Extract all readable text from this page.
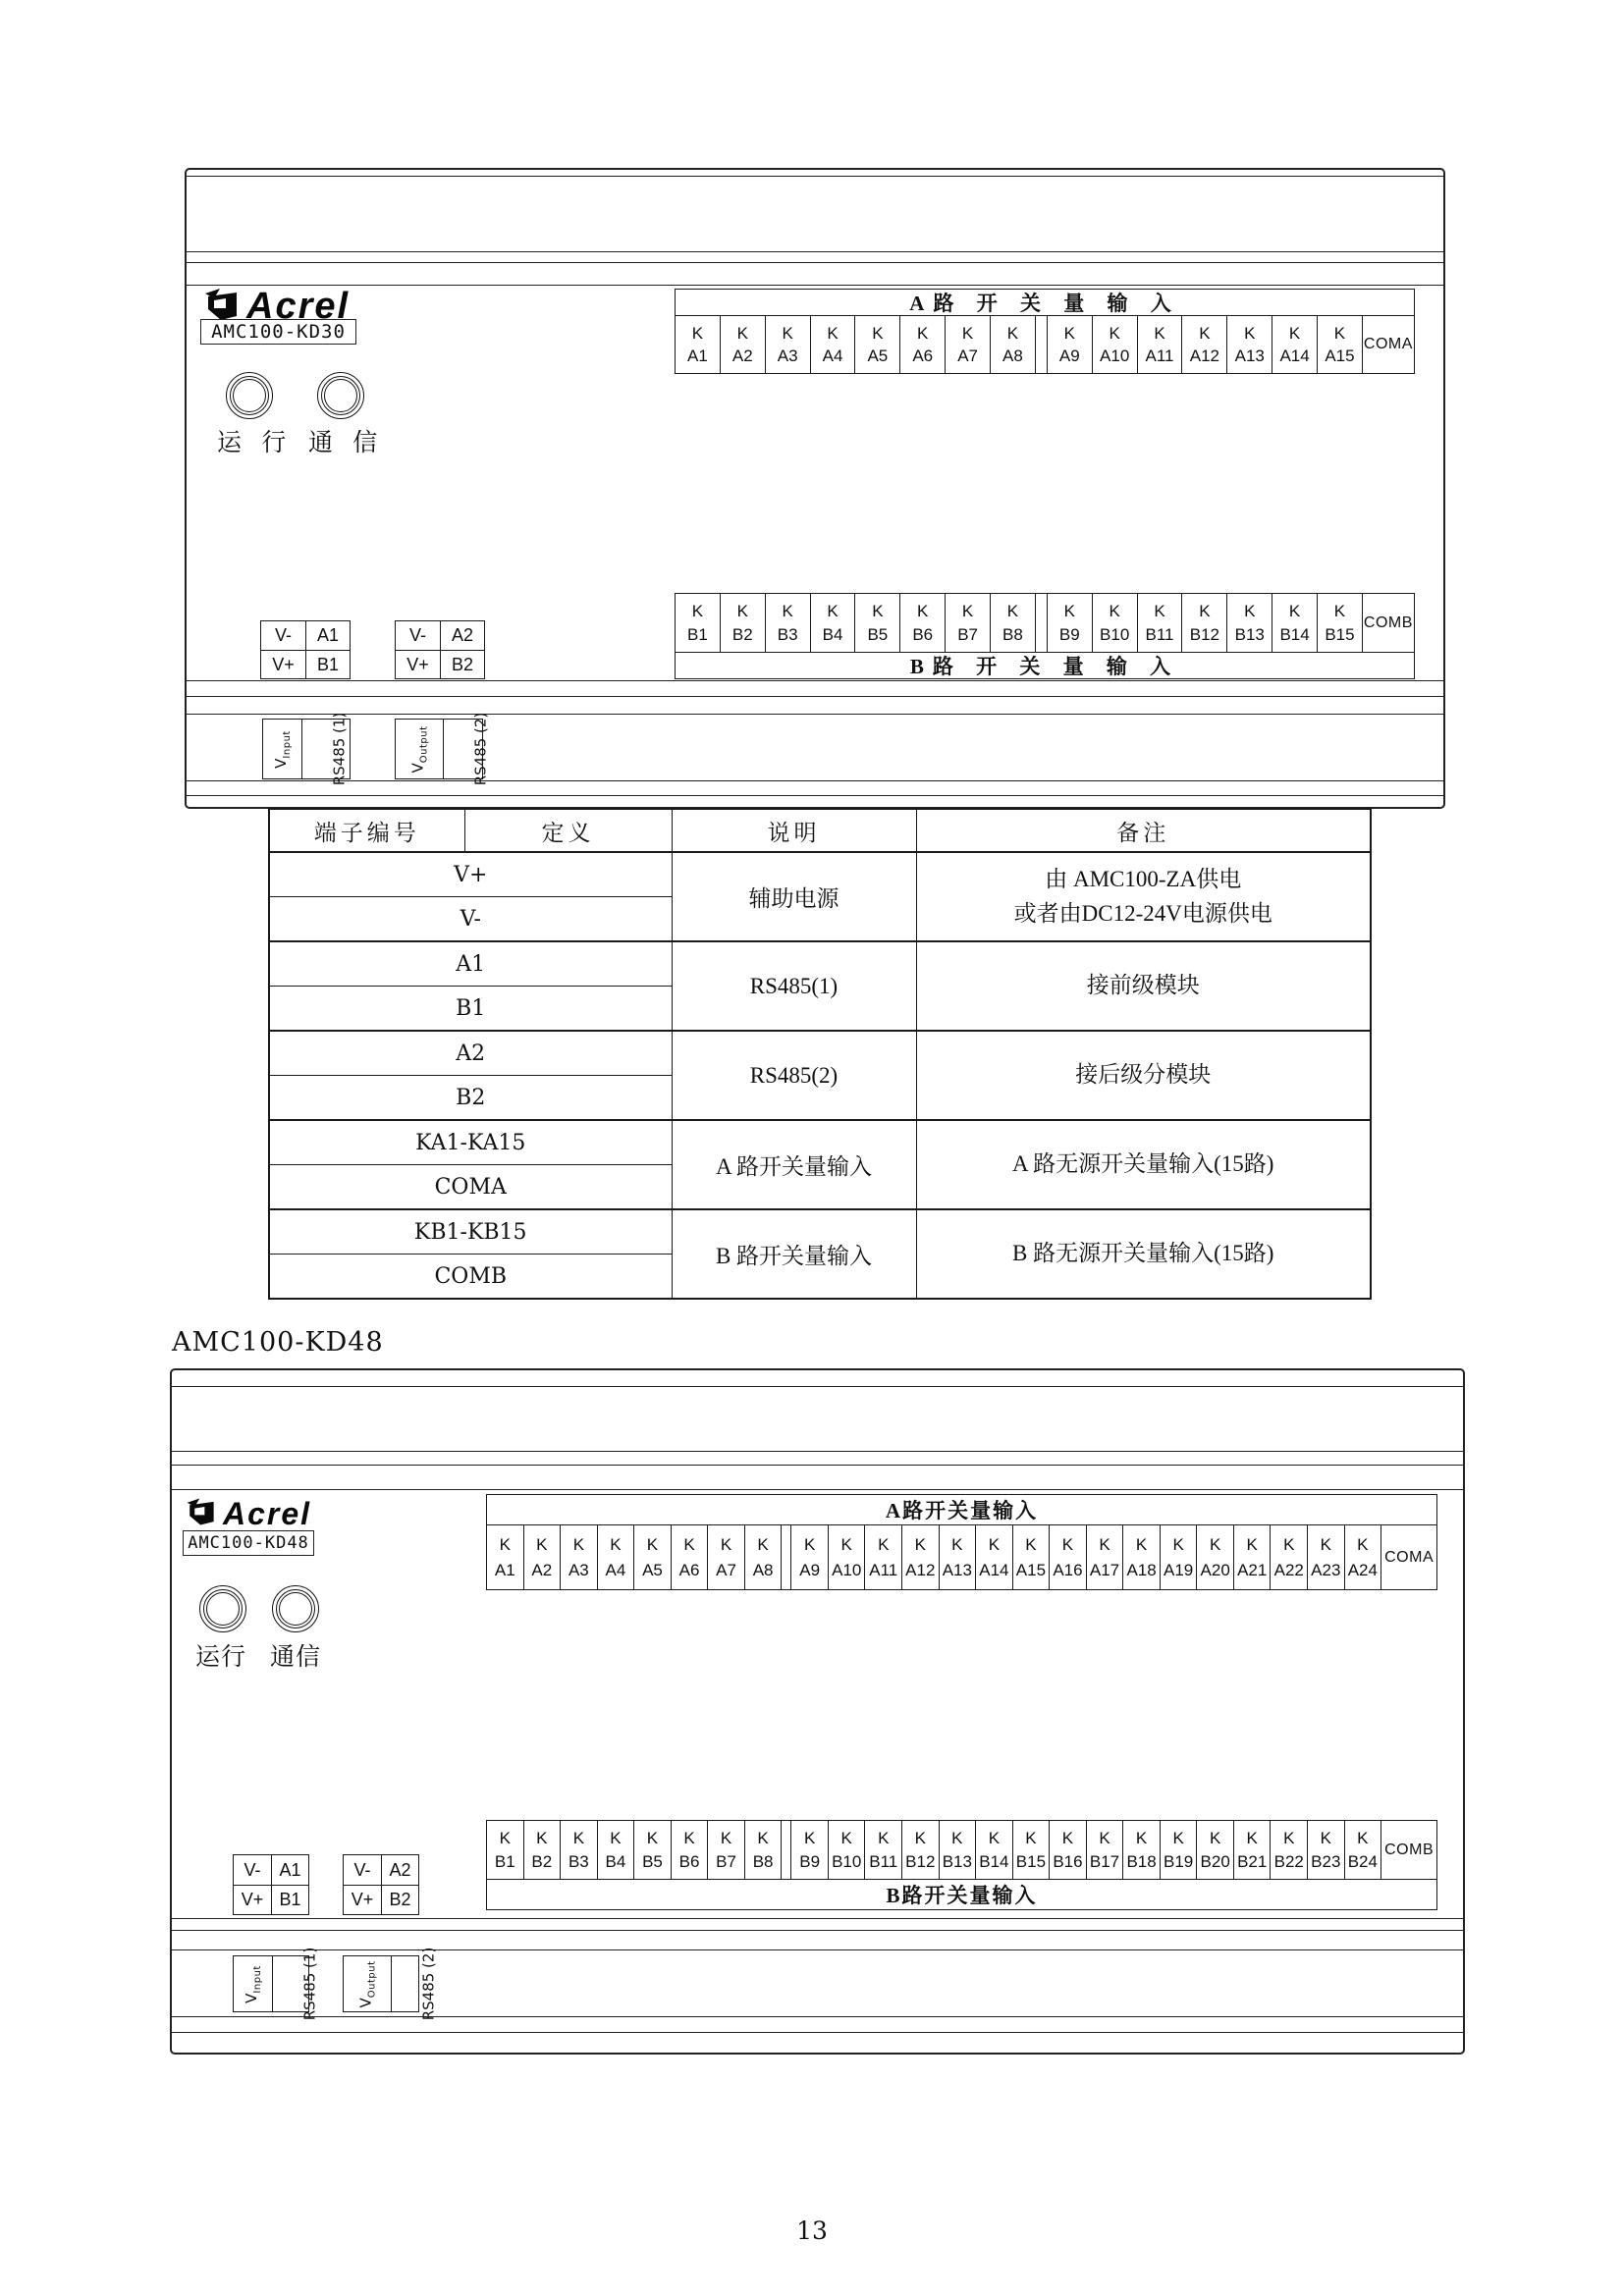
Acrel
AMC100-KD30
运 行 通 信
A路 开 关 量 输 入
K
A1
K
A2
K
A3
K
A4
K
A5
K
A6
K
A7
K
A8
K
A9
K
A10
K
A11
K
A12
K
A13
K
A14
K
A15
COMA
K
B1
K
B2
K
B3
K
B4
K
B5
K
B6
K
B7
K
B8
K
B9
K
B10
K
B11
K
B12
K
B13
K
B14
K
B15
COMB
B路 开 关 量 输 入
V-	A1
V+	B1
V-	A2
V+	B2
$V_{Input}$	RS485 (1)	$V_{Output}$	RS485 (2)
端子编号	定义	说明	备注
V+		辅助电源	由 AMC100-ZA供电
或者由DC12-24V电源供电

V-			
A1		RS485(1)	接前级模块

B1			
A2		RS485(2)	接后级分模块

B2			
KA1-KA15		A 路开关量输入	A 路无源开关量输入(15路)

COMA			
KB1-KB15		B 路开关量输入	B 路无源开关量输入(15路)

COMB			
AMC100-KD48
Acrel
AMC100-KD48
运行 通信
A路开关量输入
K
A1
K
A2
K
A3
K
A4
K
A5
K
A6
K
A7
K
A8
K
A9
K
A10
K
A11
K
A12
K
A13
K
A14
K
A15
K
A16
K
A17
K
A18
K
A19
K
A20
K
A21
K
A22
K
A23
K
A24
COMA
K
B1
K
B2
K
B3
K
B4
K
B5
K
B6
K
B7
K
B8
K
B9
K
B10
K
B11
K
B12
K
B13
K
B14
K
B15
K
B16
K
B17
K
B18
K
B19
K
B20
K
B21
K
B22
K
B23
K
B24
COMB
B路开关量输入
V-	A1
V+ B1
V-	A2
V+ B2
$V_{Input}$	RS485 (1)	$V_{Output}$	RS485 (2)
13
